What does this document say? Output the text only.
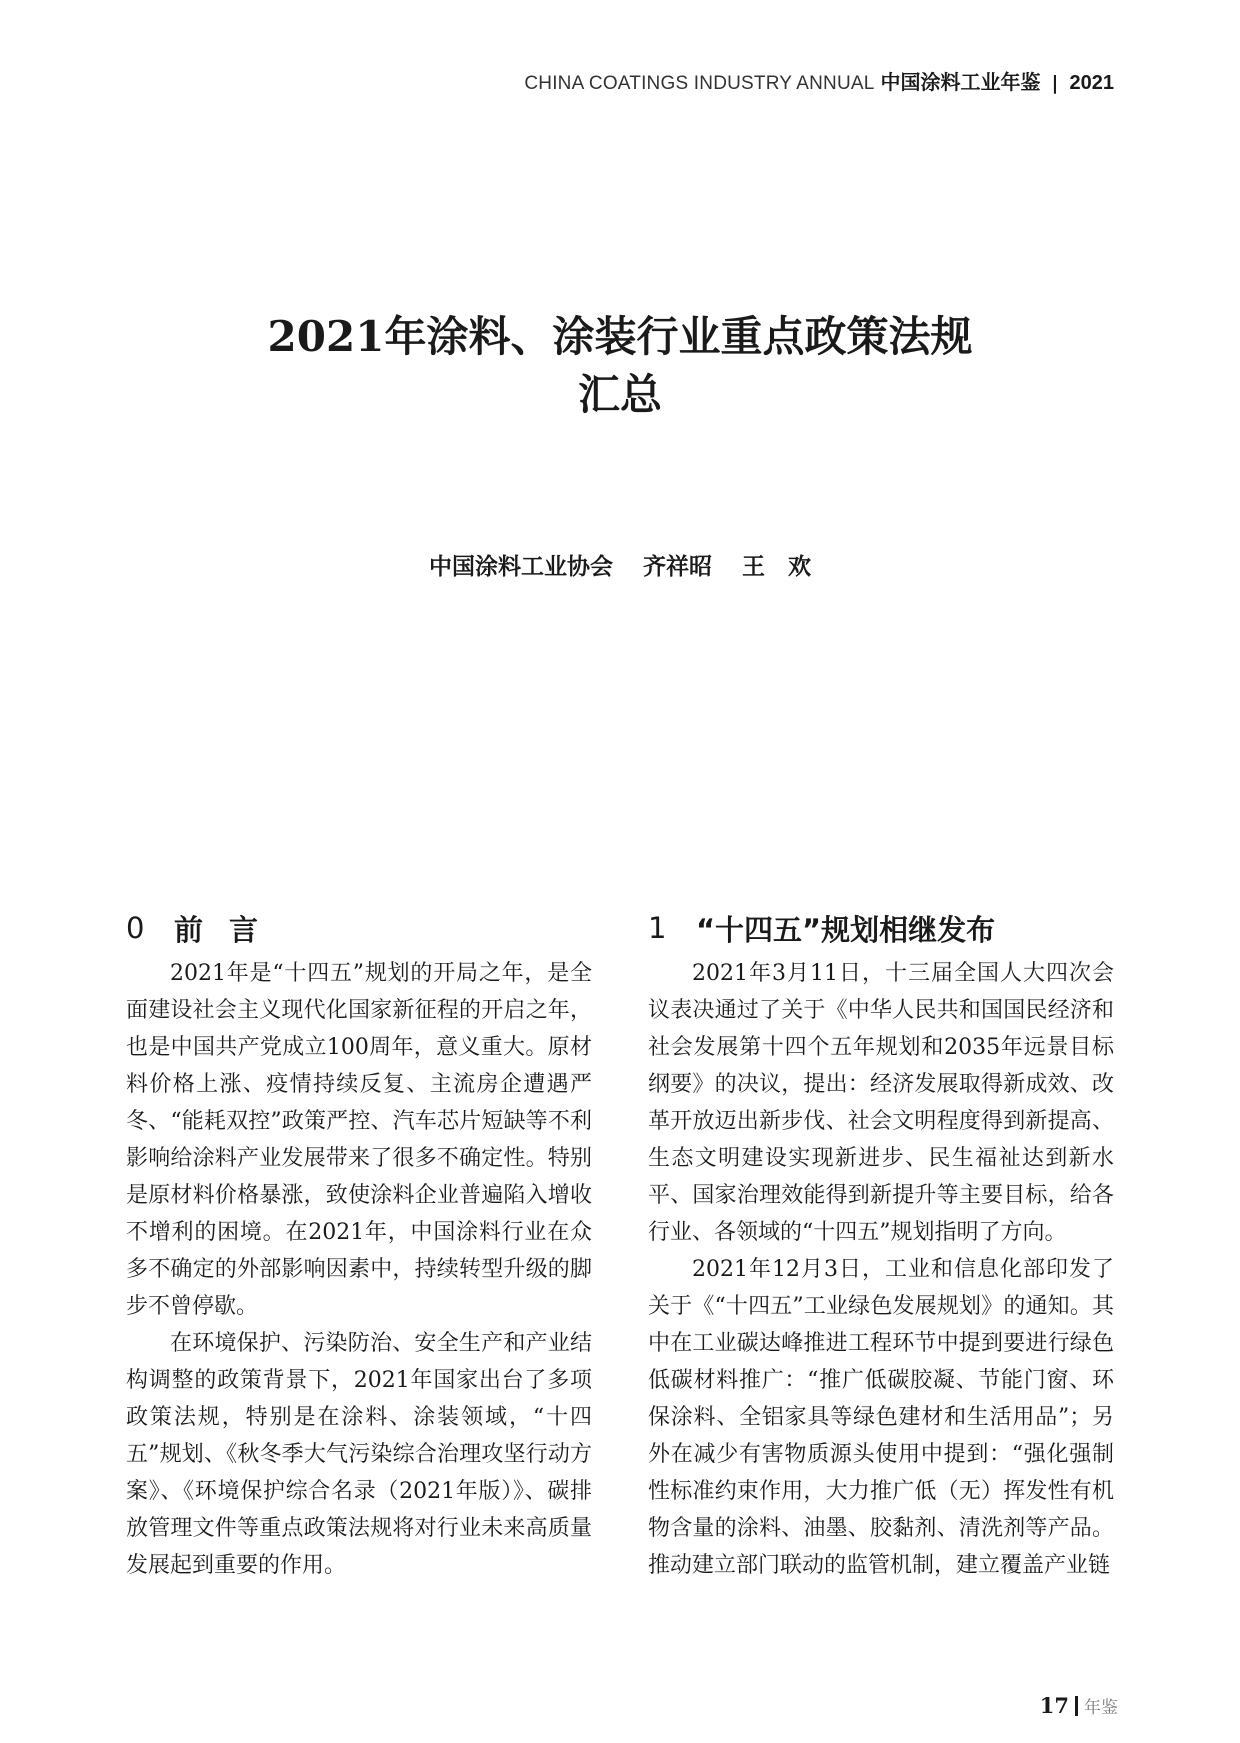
CHINA COATINGS INDUSTRY ANNUAL 中国涂料工业年鉴 | 2021
2021年涂料、涂装行业重点政策法规
汇总
中国涂料工业协会 齐祥昭 王　欢
0	前言

2021年是“十四五”规划的开局之年，是全面建设社会主义现代化国家新征程的开启之年，也是中国共产党成立100周年，意义重大。原材料价格上涨、疫情持续反复、主流房企遭遇严冬、“能耗双控”政策严控、汽车芯片短缺等不利影响给涂料产业发展带来了很多不确定性。特别是原材料价格暴涨，致使涂料企业普遍陷入增收不增利的困境。在2021年，中国涂料行业在众多不确定的外部影响因素中，持续转型升级的脚步不曾停歇。

在环境保护、污染防治、安全生产和产业结构调整的政策背景下，2021年国家出台了多项政策法规，特别是在涂料、涂装领域，“十四五”规划、《秋冬季大气污染综合治理攻坚行动方案》、《环境保护综合名录（2021年版）》、碳排放管理文件等重点政策法规将对行业未来高质量发展起到重要的作用。

1	“十四五”规划相继发布

2021年3月11日，十三届全国人大四次会议表决通过了关于《中华人民共和国国民经济和社会发展第十四个五年规划和2035年远景目标纲要》的决议，提出：经济发展取得新成效、改革开放迈出新步伐、社会文明程度得到新提高、生态文明建设实现新进步、民生福祉达到新水平、国家治理效能得到新提升等主要目标，给各行业、各领域的“十四五”规划指明了方向。

2021年12月3日，工业和信息化部印发了关于《“十四五”工业绿色发展规划》的通知。其中在工业碳达峰推进工程环节中提到要进行绿色低碳材料推广：“推广低碳胶凝、节能门窗、环保涂料、全铝家具等绿色建材和生活用品”；另外在减少有害物质源头使用中提到：“强化强制性标准约束作用，大力推广低（无）挥发性有机物含量的涂料、油墨、胶黏剂、清洗剂等产品。推动建立部门联动的监管机制，建立覆盖产业链

17 年鉴
